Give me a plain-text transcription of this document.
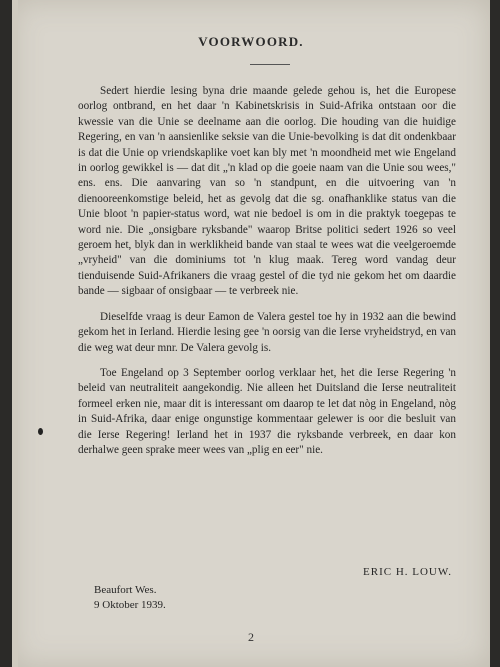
VOORWOORD.

Sedert hierdie lesing byna drie maande gelede gehou is, het die Europese oorlog ontbrand, en het daar 'n Kabinetskrisis in Suid-Afrika ontstaan oor die kwessie van die Unie se deelname aan die oorlog. Die houding van die huidige Regering, en van 'n aansienlike seksie van die Unie-bevolking is dat dit ondenkbaar is dat die Unie op vriendskaplike voet kan bly met 'n moondheid met wie Engeland in oorlog gewikkel is — dat dit „'n klad op die goeie naam van die Unie sou wees," ens. ens. Die aanvaring van so 'n standpunt, en die uitvoering van 'n dienooreenkomstige beleid, het as gevolg dat die sg. onafhanklike status van die Unie bloot 'n papier-status word, wat nie bedoel is om in die praktyk toegepas te word nie. Die „onsigbare ryksbande" waarop Britse politici sedert 1926 so veel geroem het, blyk dan in werklikheid bande van staal te wees wat die veelgeroemde „vryheid" van die dominiums tot 'n klug maak. Tereg word vandag deur tienduisende Suid-Afrikaners die vraag gestel of die tyd nie gekom het om daardie bande — sigbaar of onsigbaar — te verbreek nie.

Dieselfde vraag is deur Eamon de Valera gestel toe hy in 1932 aan die bewind gekom het in Ierland. Hierdie lesing gee 'n oorsig van die Ierse vryheidstryd, en van die weg wat deur mnr. De Valera gevolg is.

Toe Engeland op 3 September oorlog verklaar het, het die Ierse Regering 'n beleid van neutraliteit aangekondig. Nie alleen het Duitsland die Ierse neutraliteit formeel erken nie, maar dit is interessant om daarop te let dat nòg in Engeland, nòg in Suid-Afrika, daar enige ongunstige kommentaar gelewer is oor die besluit van die Ierse Regering! Ierland het in 1937 die ryksbande verbreek, en daar kon derhalwe geen sprake meer wees van „plig en eer" nie.

ERIC H. LOUW.
Beaufort Wes.
9 Oktober 1939.
2
